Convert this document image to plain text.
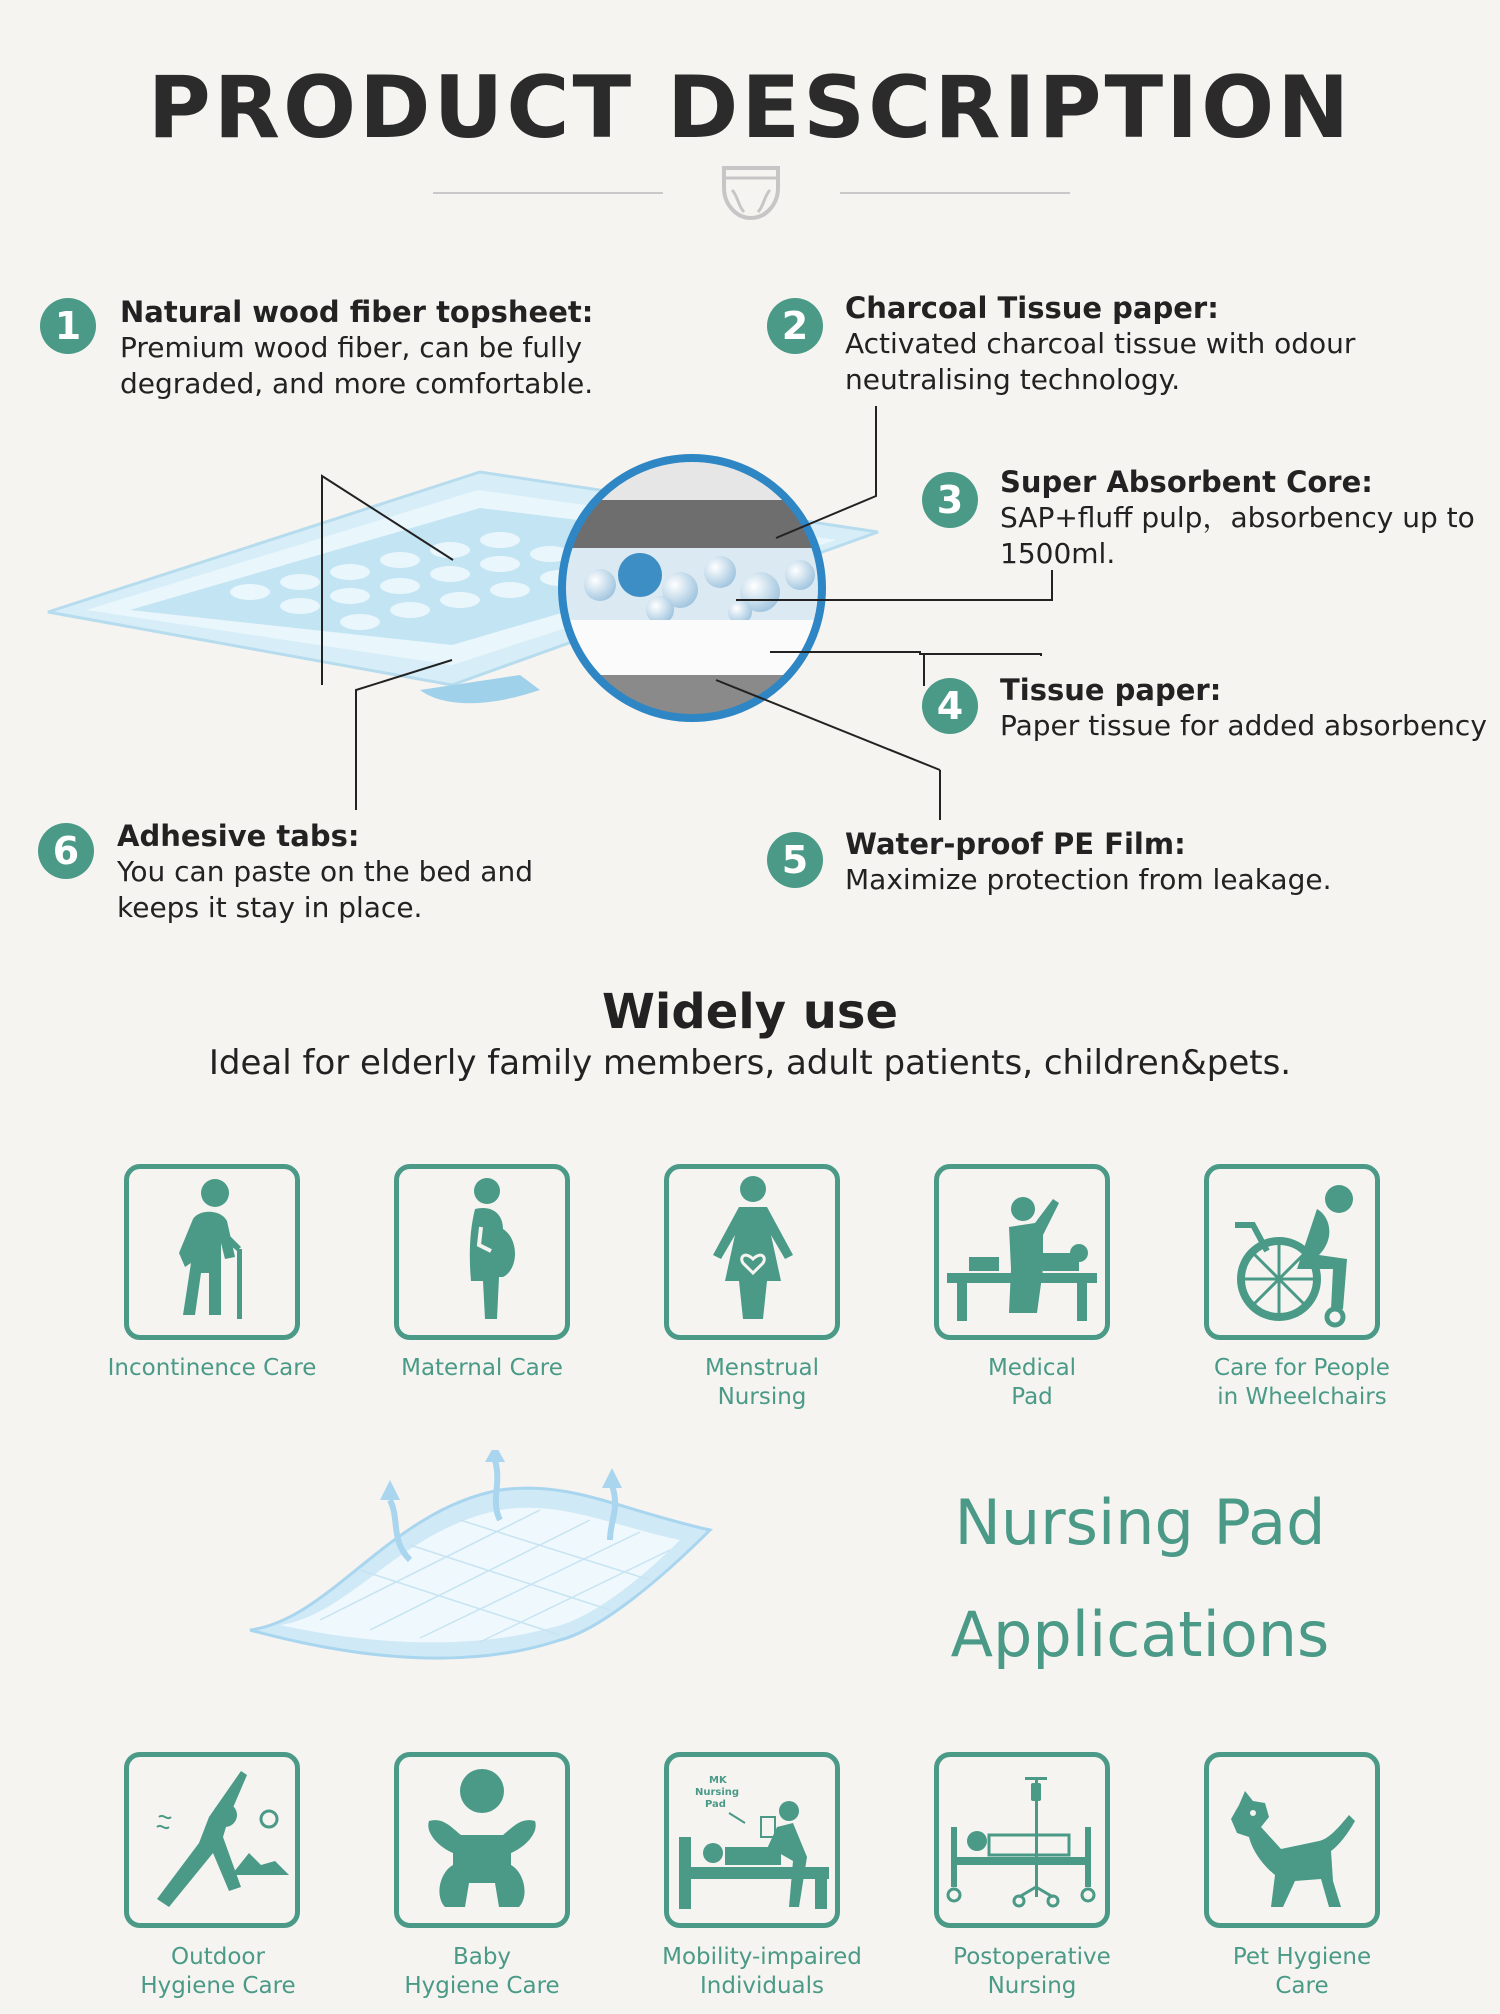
PRODUCT DESCRIPTION
1	Natural wood fiber topsheet:
Premium wood fiber, can be fully degraded, and more comfortable.
2	Charcoal Tissue paper:
Activated charcoal tissue with odour neutralising technology.
3	Super Absorbent Core:
SAP+fluff pulp，absorbency up to 1500ml.
4	Tissue paper:
Paper tissue for added absorbency
5	Water-proof PE Film:
Maximize protection from leakage.
6	Adhesive tabs:
You can paste on the bed and keeps it stay in place.
Widely use
Ideal for elderly family members, adult patients, children&pets.
Incontinence Care	Maternal Care	Menstrual Nursing
Medical Pad
Care for People in Wheelchairs
Nursing Pad
Applications
MK
Nursing
Pad
Outdoor Hygiene Care
Baby Hygiene Care
Mobility-impaired Individuals
Postoperative Nursing
Pet Hygiene Care
